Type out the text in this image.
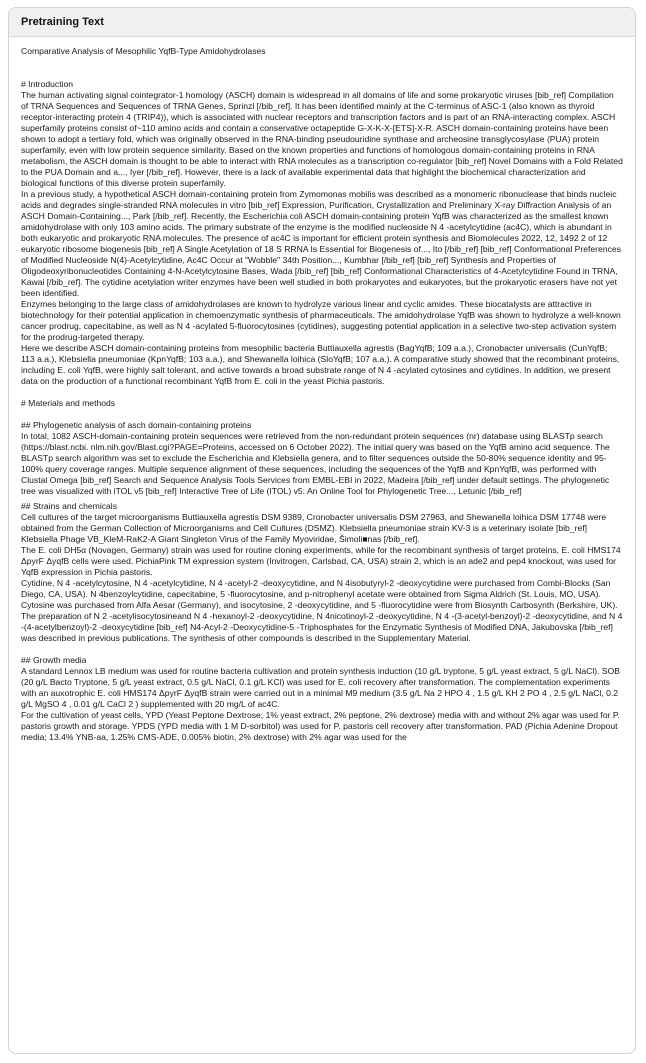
Pretraining Text

Comparative Analysis of Mesophilic YqfB-Type Amidohydrolases

# Introduction

The human activating signal cointegrator-1 homology (ASCH) domain is widespread in all domains of life and some prokaryotic viruses [bib_ref] Compilation of TRNA Sequences and Sequences of TRNA Genes, Sprinzl [/bib_ref]. It has been identified mainly at the C-terminus of ASC-1 (also known as thyroid receptor-interacting protein 4 (TRIP4)), which is associated with nuclear receptors and transcription factors and is part of an RNA-interacting complex. ASCH superfamily proteins consist of~110 amino acids and contain a conservative octapeptide G-X-K-X-[ETS]-X-R. ASCH domain-containing proteins have been shown to adopt a tertiary fold, which was originally observed in the RNA-binding pseudouridine synthase and archeosine transglycosylase (PUA) protein superfamily, even with low protein sequence similarity. Based on the known properties and functions of homologous domain-containing proteins in RNA metabolism, the ASCH domain is thought to be able to interact with RNA molecules as a transcription co-regulator [bib_ref] Novel Domains with a Fold Related to the PUA Domain and a..., Iyer [/bib_ref]. However, there is a lack of available experimental data that highlight the biochemical characterization and biological functions of this diverse protein superfamily.

In a previous study, a hypothetical ASCH domain-containing protein from Zymomonas mobilis was described as a monomeric ribonuclease that binds nucleic acids and degrades single-stranded RNA molecules in vitro [bib_ref] Expression, Purification, Crystallization and Preliminary X-ray Diffraction Analysis of an ASCH Domain-Containing..., Park [/bib_ref]. Recently, the Escherichia coli ASCH domain-containing protein YqfB was characterized as the smallest known amidohydrolase with only 103 amino acids. The primary substrate of the enzyme is the modified nucleoside N 4 -acetylcytidine (ac4C), which is abundant in both eukaryotic and prokaryotic RNA molecules. The presence of ac4C is important for efficient protein synthesis and Biomolecules 2022, 12, 1492 2 of 12 eukaryotic ribosome biogenesis [bib_ref] A Single Acetylation of 18 S RRNA Is Essential for Biogenesis of..., Ito [/bib_ref] [bib_ref] Conformational Preferences of Modified Nucleoside N(4)-Acetylcytidine, Ac4C Occur at "Wobble" 34th Position..., Kumbhar [/bib_ref] [bib_ref] Synthesis and Properties of Oligodeoxyribonucleotides Containing 4-N-Acetylcytosine Bases, Wada [/bib_ref] [bib_ref] Conformational Characteristics of 4-Acetylcytidine Found in TRNA, Kawai [/bib_ref]. The cytidine acetylation writer enzymes have been well studied in both prokaryotes and eukaryotes, but the prokaryotic erasers have not yet been identified.

Enzymes belonging to the large class of amidohydrolases are known to hydrolyze various linear and cyclic amides. These biocatalysts are attractive in biotechnology for their potential application in chemoenzymatic synthesis of pharmaceuticals. The amidohydrolase YqfB was shown to hydrolyze a well-known cancer prodrug, capecitabine, as well as N 4 -acylated 5-fluorocytosines (cytidines), suggesting potential application in a selective two-step activation system for the prodrug-targeted therapy.

Here we describe ASCH domain-containing proteins from mesophilic bacteria Buttiauxella agrestis (BagYqfB; 109 a.a.), Cronobacter universalis (CunYqfB; 113 a.a.), Klebsiella pneumoniae (KpnYqfB; 103 a.a.), and Shewanella loihica (SloYqfB; 107 a.a.). A comparative study showed that the recombinant proteins, including E. coli YqfB, were highly salt tolerant, and active towards a broad substrate range of N 4 -acylated cytosines and cytidines. In addition, we present data on the production of a functional recombinant YqfB from E. coli in the yeast Pichia pastoris.

# Materials and methods

## Phylogenetic analysis of asch domain-containing proteins

In total, 1082 ASCH-domain-containing protein sequences were retrieved from the non-redundant protein sequences (nr) database using BLASTp search (https://blast.ncbi. nlm.nih.gov/Blast.cgi?PAGE=Proteins, accessed on 6 October 2022). The initial query was based on the YqfB amino acid sequence. The BLASTp search algorithm was set to exclude the Escherichia and Klebsiella genera, and to filter sequences outside the 50-80% sequence identity and 95-100% query coverage ranges. Multiple sequence alignment of these sequences, including the sequences of the YqfB and KpnYqfB, was performed with Clustal Omega [bib_ref] Search and Sequence Analysis Tools Services from EMBL-EBI in 2022, Madeira [/bib_ref] under default settings. The phylogenetic tree was visualized with iTOL v5 [bib_ref] Interactive Tree of Life (ITOL) v5: An Online Tool for Phylogenetic Tree..., Letunic [/bib_ref]

## Strains and chemicals

Cell cultures of the target microorganisms Buttiauxella agrestis DSM 9389, Cronobacter universalis DSM 27963, and Shewanella loihica DSM 17748 were obtained from the German Collection of Microorganisms and Cell Cultures (DSMZ). Klebsiella pneumoniae strain KV-3 is a veterinary isolate [bib_ref] Klebsiella Phage VB_KleM-RaK2-A Giant Singleton Virus of the Family Myoviridae, Šimoli■nas [/bib_ref].

The E. coli DH5α (Novagen, Germany) strain was used for routine cloning experiments, while for the recombinant synthesis of target proteins, E. coli HMS174 ΔpyrF ΔyqfB cells were used. PichiaPink TM expression system (Invitrogen, Carlsbad, CA, USA) strain 2, which is an ade2 and pep4 knockout, was used for YqfB expression in Pichia pastoris.

Cytidine, N 4 -acetylcytosine, N 4 -acetylcytidine, N 4 -acetyl-2 -deoxycytidine, and N 4isobutyryl-2 -deoxycytidine were purchased from Combi-Blocks (San Diego, CA, USA). N 4benzoylcytidine, capecitabine, 5 -fluorocytosine, and p-nitrophenyl acetate were obtained from Sigma Aldrich (St. Louis, MO, USA). Cytosine was purchased from Alfa Aesar (Germany), and isocytosine, 2 -deoxycytidine, and 5 -fluorocytidine were from Biosynth Carbosynth (Berkshire, UK).

The preparation of N 2 -acetylisocytosineand N 4 -hexanoyl-2 -deoxycytidine, N 4nicotinoyl-2 -deoxycytidine, N 4 -(3-acetyl-benzoyl)-2 -deoxycytidine, and N 4 -(4-acetylbenzoyl)-2 -deoxycytidine [bib_ref] N4-Acyl-2 -Deoxycytidine-5 -Triphosphates for the Enzymatic Synthesis of Modified DNA, Jakubovska [/bib_ref] was described in previous publications. The synthesis of other compounds is described in the Supplementary Material.

## Growth media

A standard Lennox LB medium was used for routine bacteria cultivation and protein synthesis induction (10 g/L tryptone, 5 g/L yeast extract, 5 g/L NaCl). SOB (20 g/L Bacto Tryptone, 5 g/L yeast extract, 0.5 g/L NaCl, 0.1 g/L KCl) was used for E. coli recovery after transformation. The complementation experiments with an auxotrophic E. coli HMS174 ΔpyrF ΔyqfB strain were carried out in a minimal M9 medium (3.5 g/L Na 2 HPO 4 , 1.5 g/L KH 2 PO 4 , 2.5 g/L NaCl, 0.2 g/L MgSO 4 , 0.01 g/L CaCl 2 ) supplemented with 20 mg/L of ac4C.

For the cultivation of yeast cells, YPD (Yeast Peptone Dextrose; 1% yeast extract, 2% peptone, 2% dextrose) media with and without 2% agar was used for P. pastoris growth and storage. YPDS (YPD media with 1 M D-sorbitol) was used for P. pastoris cell recovery after transformation. PAD (Pichia Adenine Dropout media; 13.4% YNB-aa, 1.25% CMS-ADE, 0.005% biotin, 2% dextrose) with 2% agar was used for the
